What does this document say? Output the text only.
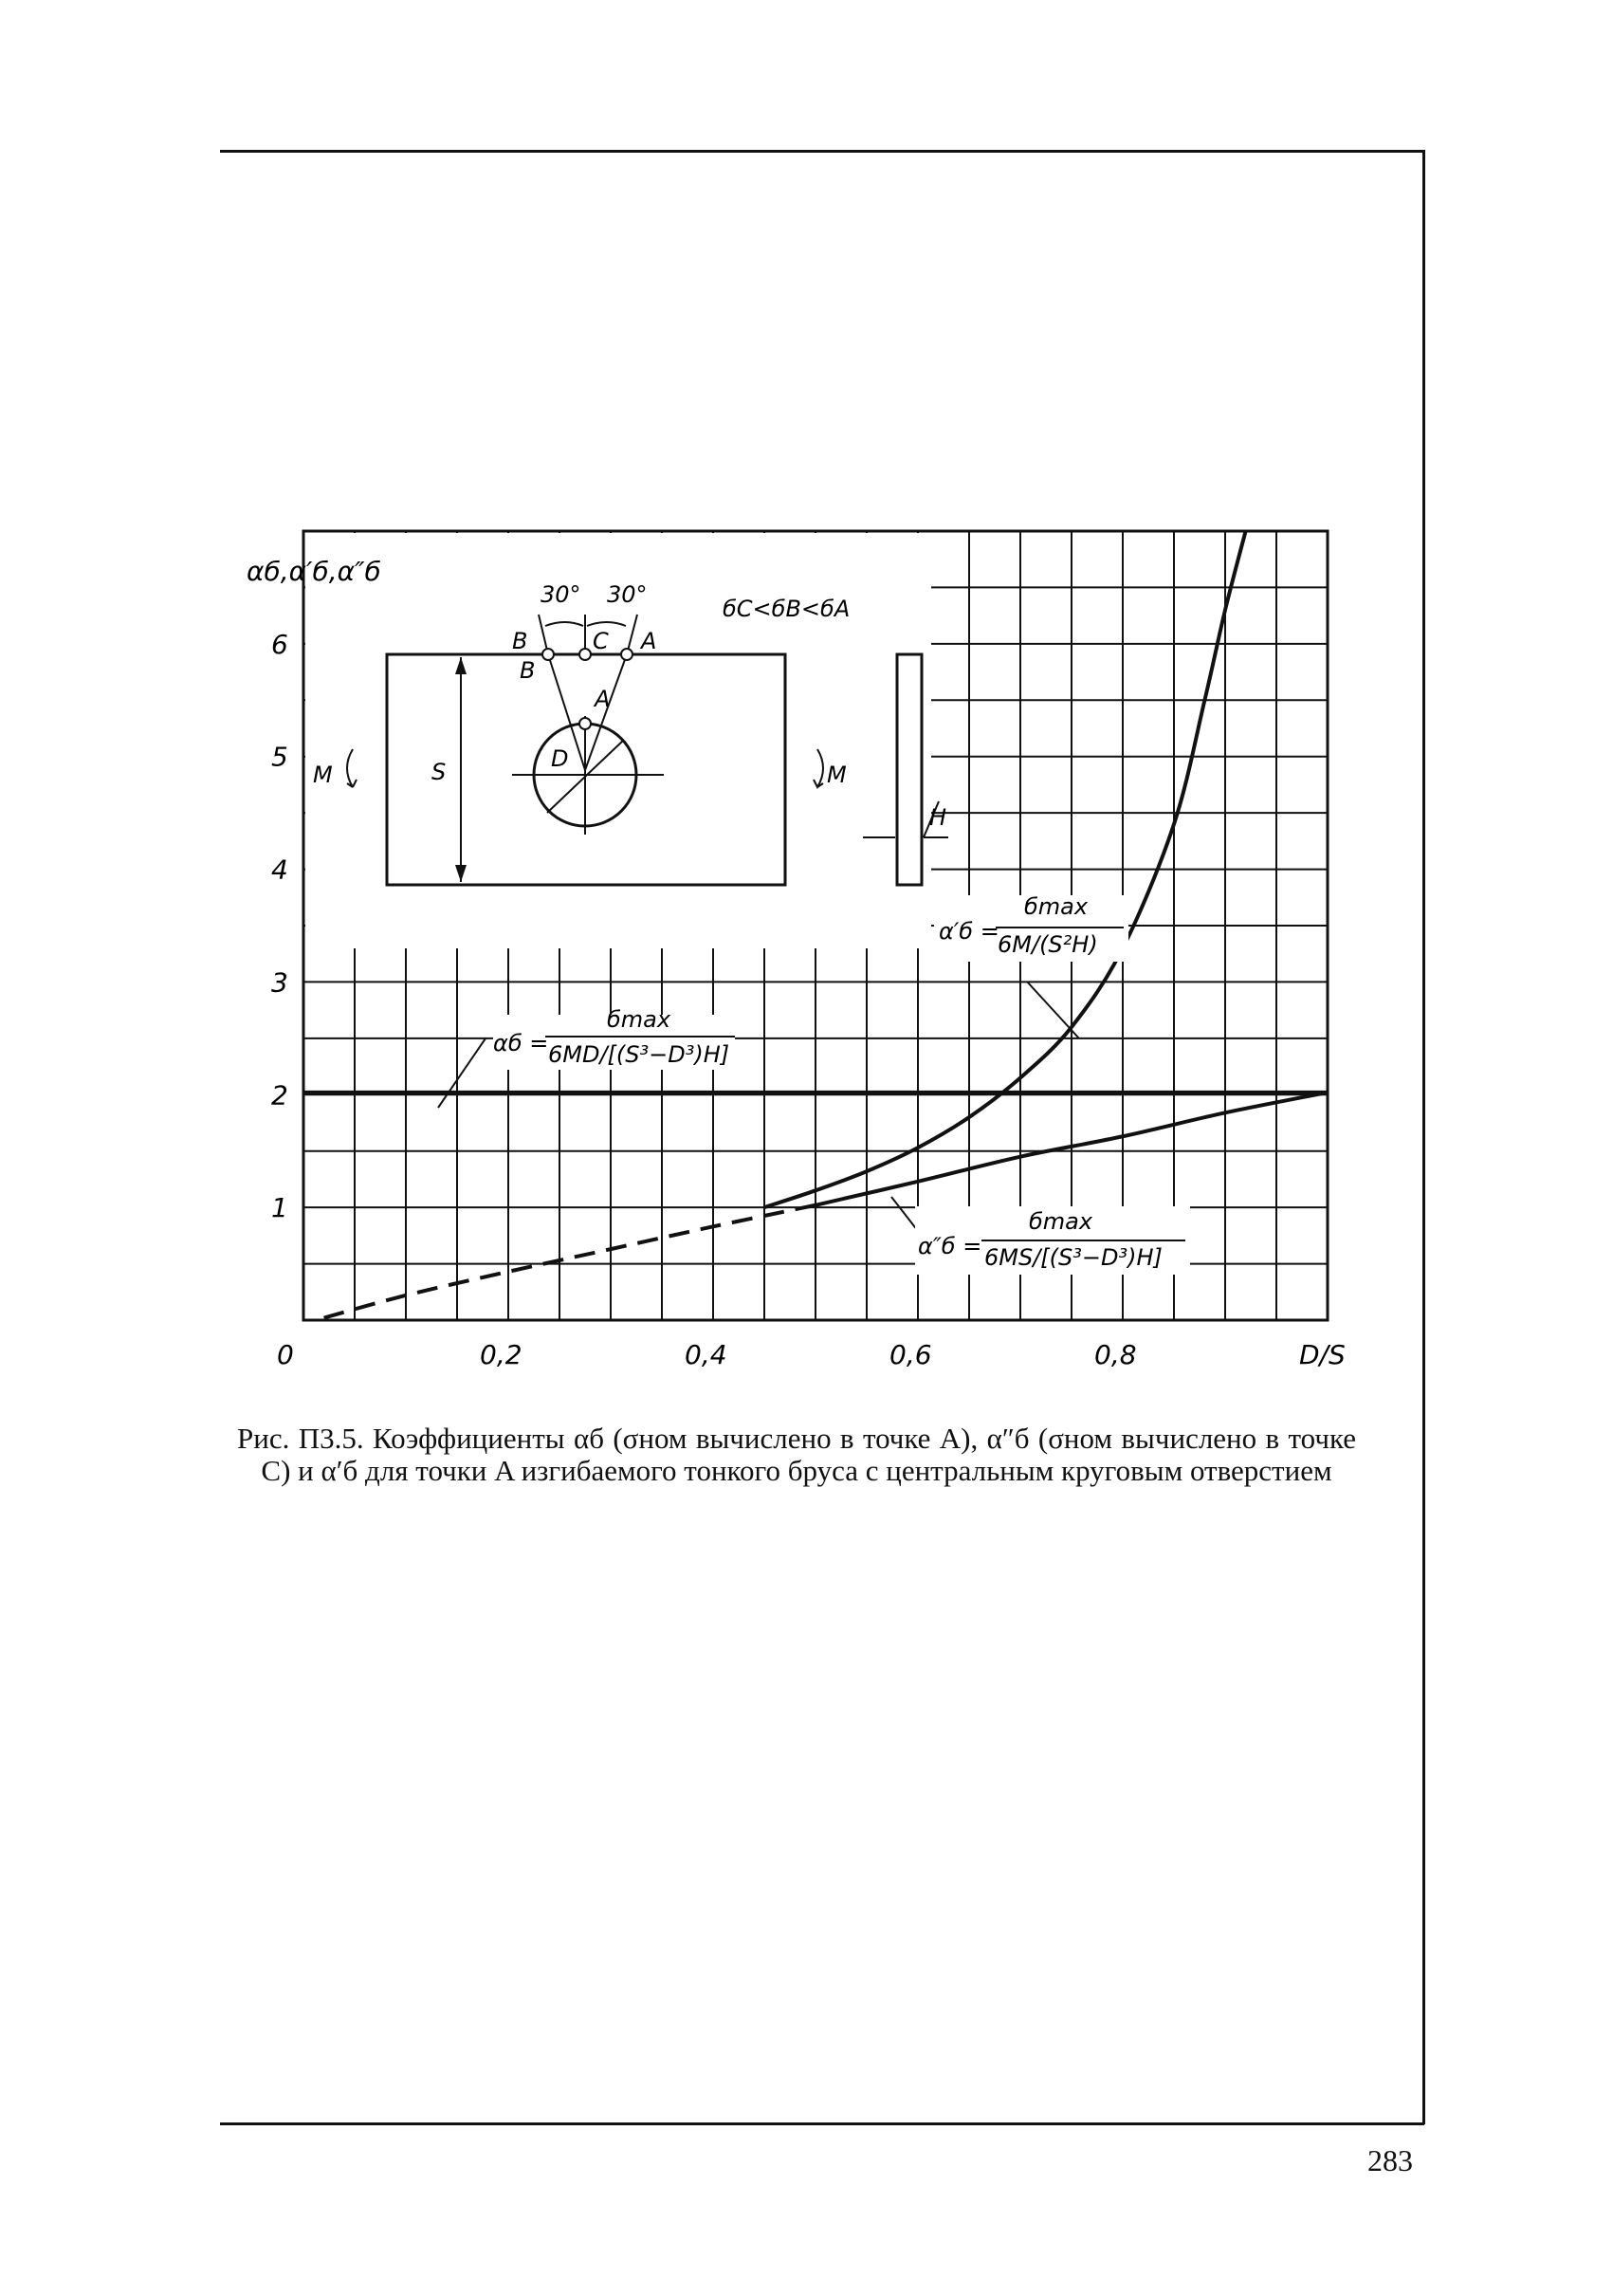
S	D
30° 30°
бC<бB<бA
B	C A
B
A
M	M
H
αб =
бmax
6MD/[(S³−D³)H]
α′б =
бmax
6M/(S²H)
α″б =
бmax
6MS/[(S³−D³)H]
αб,α′б,α″б
0	0,2	0,4	0,6	0,8	D/S
1
2
3
4
5
6
Рис. П3.5. Коэффициенты αб (σном вычислено в точке A), α″б (σном вычислено в точке C) и α′б для точки A изгибаемого тонкого бруса с центральным круговым отверстием
283
